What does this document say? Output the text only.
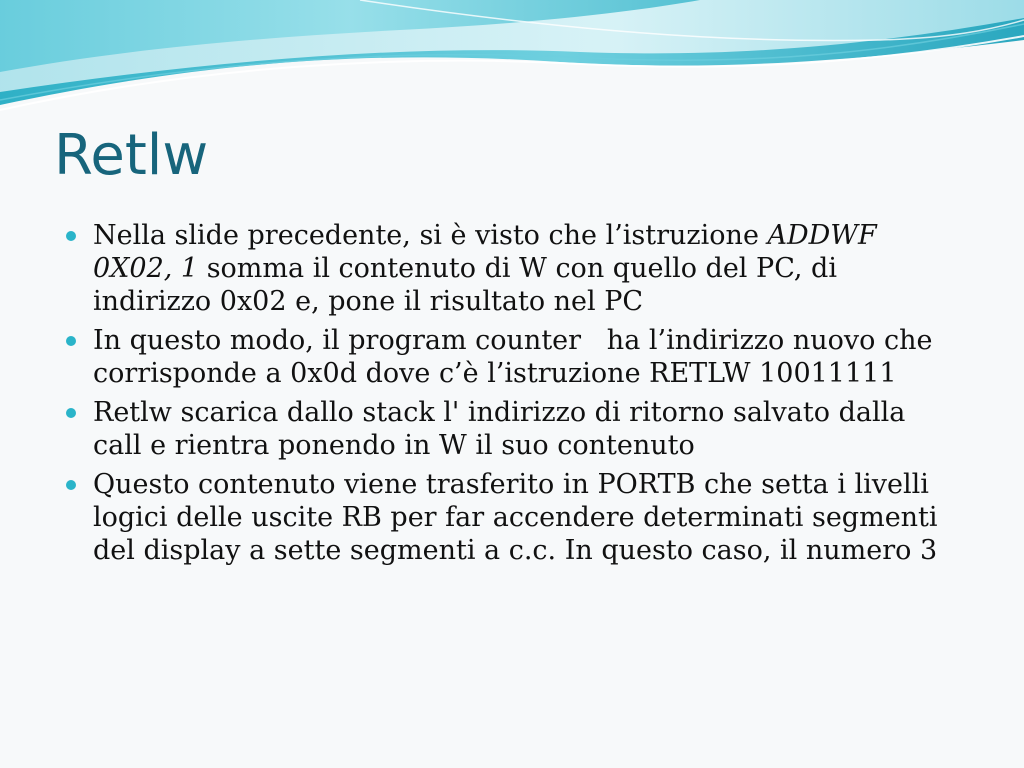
Retlw
Nella slide precedente, si è visto che l’istruzione ADDWF 0X02, 1 somma il contenuto di W con quello del PC, di indirizzo 0x02 e, pone il risultato nel PC
In questo modo, il program counter   ha l’indirizzo nuovo che corrisponde a 0x0d dove c’è l’istruzione RETLW 10011111
Retlw scarica dallo stack l' indirizzo di ritorno salvato dalla call e rientra ponendo in W il suo contenuto
Questo contenuto viene trasferito in PORTB che setta i livelli logici delle uscite RB per far accendere determinati segmenti del display a sette segmenti a c.c. In questo caso, il numero 3
